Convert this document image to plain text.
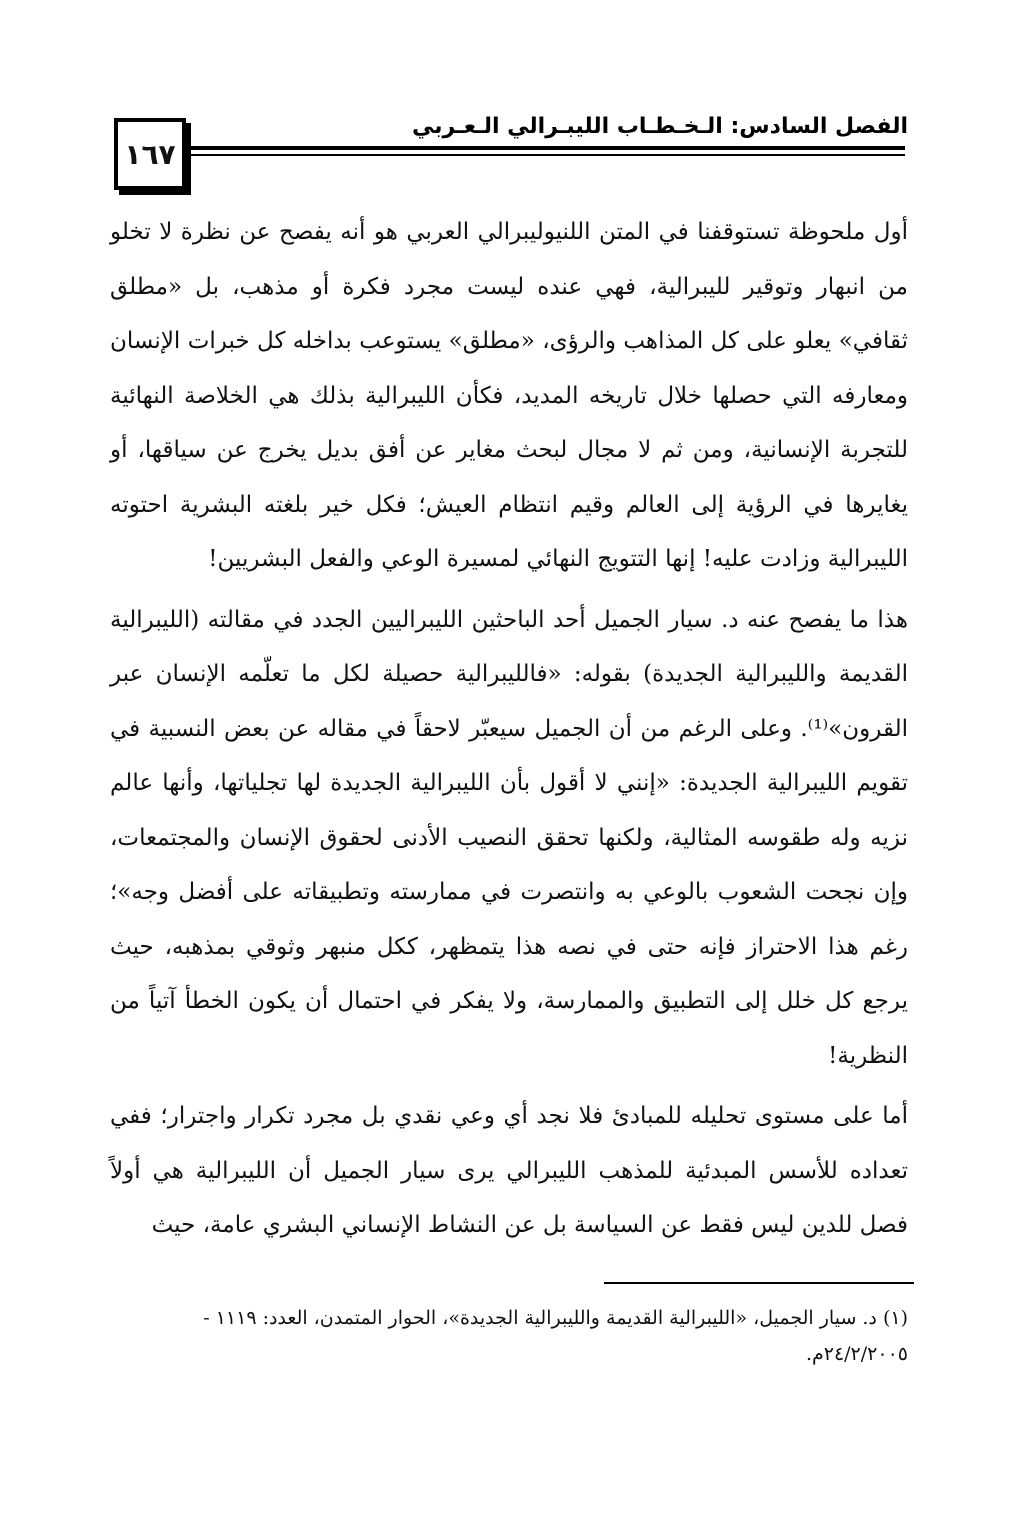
الفصل السادس: الـخـطـاب الليبـرالي الـعـربي
١٦٧

أول ملحوظة تستوقفنا في المتن اللنيوليبرالي العربي هو أنه يفصح عن نظرة لا تخلو من انبهار وتوقير لليبرالية، فهي عنده ليست مجرد فكرة أو مذهب، بل «مطلق ثقافي» يعلو على كل المذاهب والرؤى، «مطلق» يستوعب بداخله كل خبرات الإنسان ومعارفه التي حصلها خلال تاريخه المديد، فكأن الليبرالية بذلك هي الخلاصة النهائية للتجربة الإنسانية، ومن ثم لا مجال لبحث مغاير عن أفق بديل يخرج عن سياقها، أو يغايرها في الرؤية إلى العالم وقيم انتظام العيش؛ فكل خير بلغته البشرية احتوته الليبرالية وزادت عليه! إنها التتويج النهائي لمسيرة الوعي والفعل البشريين!

هذا ما يفصح عنه د. سيار الجميل أحد الباحثين الليبراليين الجدد في مقالته (الليبرالية القديمة والليبرالية الجديدة) بقوله: «فالليبرالية حصيلة لكل ما تعلّمه الإنسان عبر القرون»⁽¹⁾. وعلى الرغم من أن الجميل سيعبّر لاحقاً في مقاله عن بعض النسبية في تقويم الليبرالية الجديدة: «إنني لا أقول بأن الليبرالية الجديدة لها تجلياتها، وأنها عالم نزيه وله طقوسه المثالية، ولكنها تحقق النصيب الأدنى لحقوق الإنسان والمجتمعات، وإن نجحت الشعوب بالوعي به وانتصرت في ممارسته وتطبيقاته على أفضل وجه»؛ رغم هذا الاحتراز فإنه حتى في نصه هذا يتمظهر، ككل منبهر وثوقي بمذهبه، حيث يرجع كل خلل إلى التطبيق والممارسة، ولا يفكر في احتمال أن يكون الخطأ آتياً من النظرية!

أما على مستوى تحليله للمبادئ فلا نجد أي وعي نقدي بل مجرد تكرار واجترار؛ ففي تعداده للأسس المبدئية للمذهب الليبرالي يرى سيار الجميل أن الليبرالية هي أولاً فصل للدين ليس فقط عن السياسة بل عن النشاط الإنساني البشري عامة، حيث

(١) د. سيار الجميل، «الليبرالية القديمة والليبرالية الجديدة»، الحوار المتمدن، العدد: ١١١٩ - ٢٤/٢/٢٠٠٥م.
